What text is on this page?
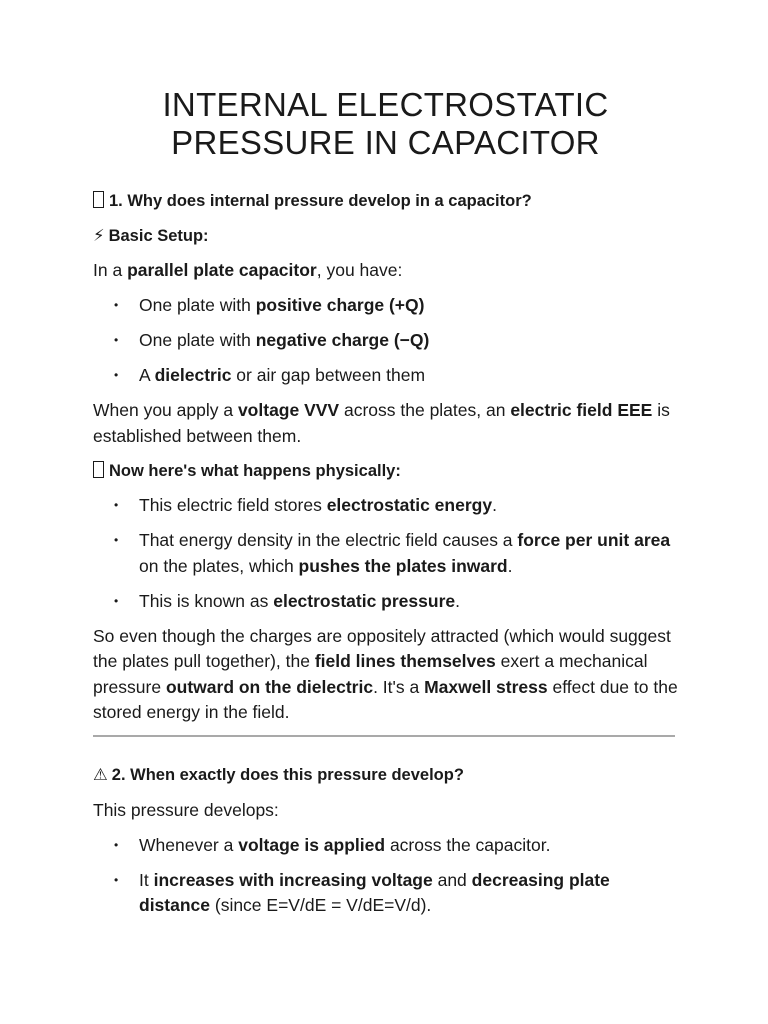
INTERNAL ELECTROSTATIC
PRESSURE IN CAPACITOR
1. Why does internal pressure develop in a capacitor?
⚡ Basic Setup:
In a parallel plate capacitor, you have:
• One plate with positive charge (+Q)
• One plate with negative charge (−Q)
• A dielectric or air gap between them
When you apply a voltage VVV across the plates, an electric field EEE is established between them.
Now here's what happens physically:
• This electric field stores electrostatic energy.
• That energy density in the electric field causes a force per unit area on the plates, which pushes the plates inward.
• This is known as electrostatic pressure.
So even though the charges are oppositely attracted (which would suggest the plates pull together), the field lines themselves exert a mechanical pressure outward on the dielectric. It's a Maxwell stress effect due to the stored energy in the field.
⚠ 2. When exactly does this pressure develop?
This pressure develops:
• Whenever a voltage is applied across the capacitor.
• It increases with increasing voltage and decreasing plate distance (since E=V/dE = V/dE=V/d).
